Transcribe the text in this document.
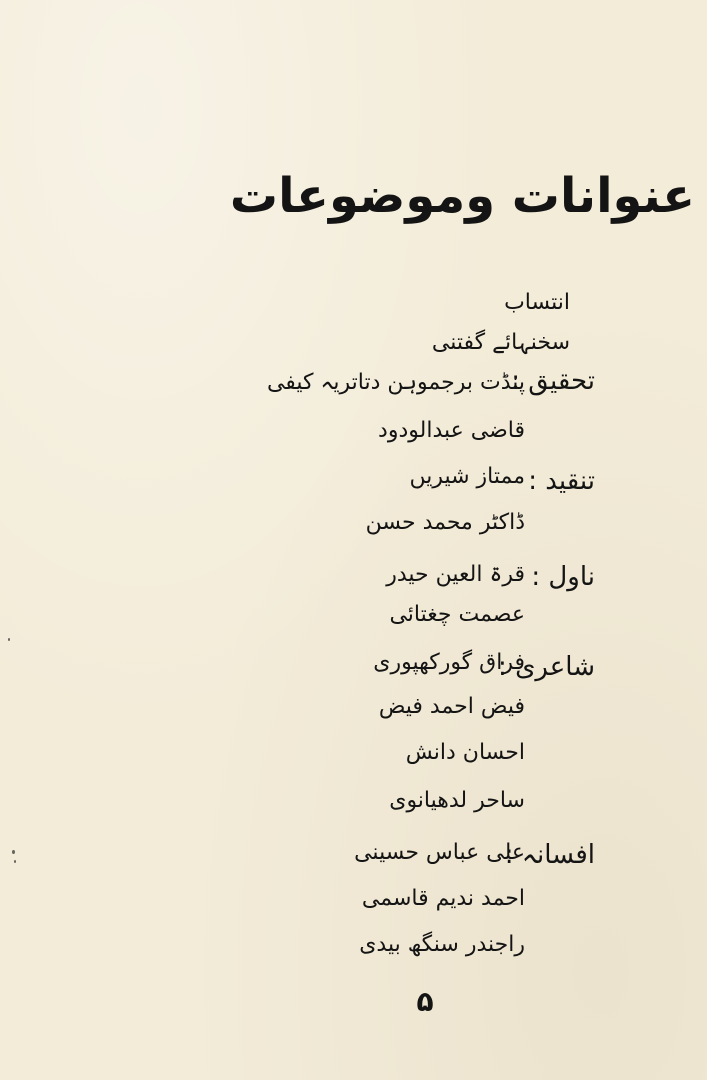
عنوانات وموضوعات
انتساب
سخنہائے گفتنی
تحقیق :
پنڈت برجموہن دتاتریہ کیفی
قاضی عبدالودود
تنقید :
ممتاز شیریں
ڈاکٹر محمد حسن
ناول :
قرۃ العین حیدر
عصمت چغتائی
شاعری :
فراق گورکھپوری
فیض احمد فیض
احسان دانش
ساحر لدھیانوی
افسانہ :
علی عباس حسینی
احمد ندیم قاسمی
راجندر سنگھ بیدی
۵
